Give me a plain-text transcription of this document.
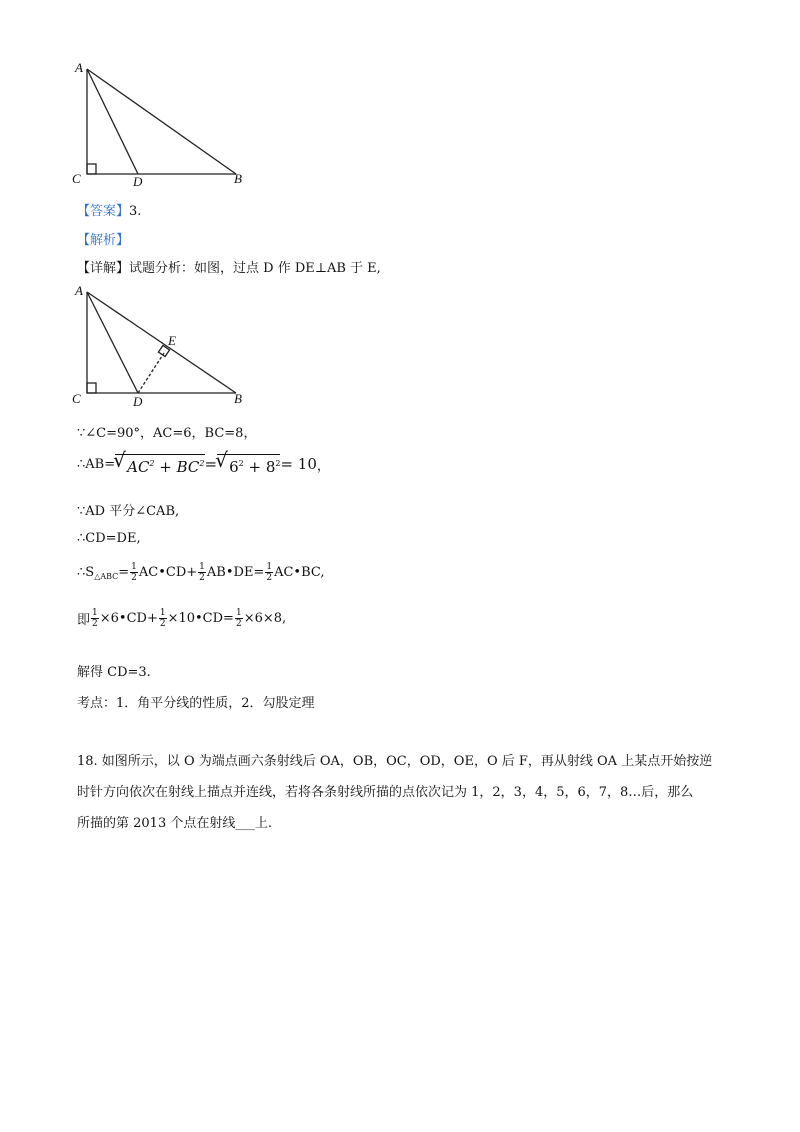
A
C	D	B
【答案】3.
【解析】
【详解】试题分析：如图，过点 D 作 DE⊥AB 于 E,
A
E
C	D	B
∵∠C=90°，AC=6，BC=8，
∴AB= √ $AC^2 + BC^2$ = √ $6^2 + 8^2 = 10$ ，
∵AD 平分∠CAB,
∴CD=DE,
$\therefore S_{\triangle ABC} = \frac{1}{2}$ AC•CD+ $\frac{1}{2}$ AB•DE= $\frac{1}{2}$ AC•BC,
即 $\frac{1}{2}$ ×6•CD+ $\frac{1}{2}$ ×10•CD= $\frac{1}{2} \times 6\times 8$,
解得 CD=3.
考点：1．角平分线的性质，2．勾股定理
18. 如图所示，以 O 为端点画六条射线后 OA，OB，OC，OD，OE，O 后 F，再从射线 OA 上某点开始按逆
时针方向依次在射线上描点并连线，若将各条射线所描的点依次记为 1，2，3，4，5，6，7，8…后，那么
所描的第 2013 个点在射线___上.
